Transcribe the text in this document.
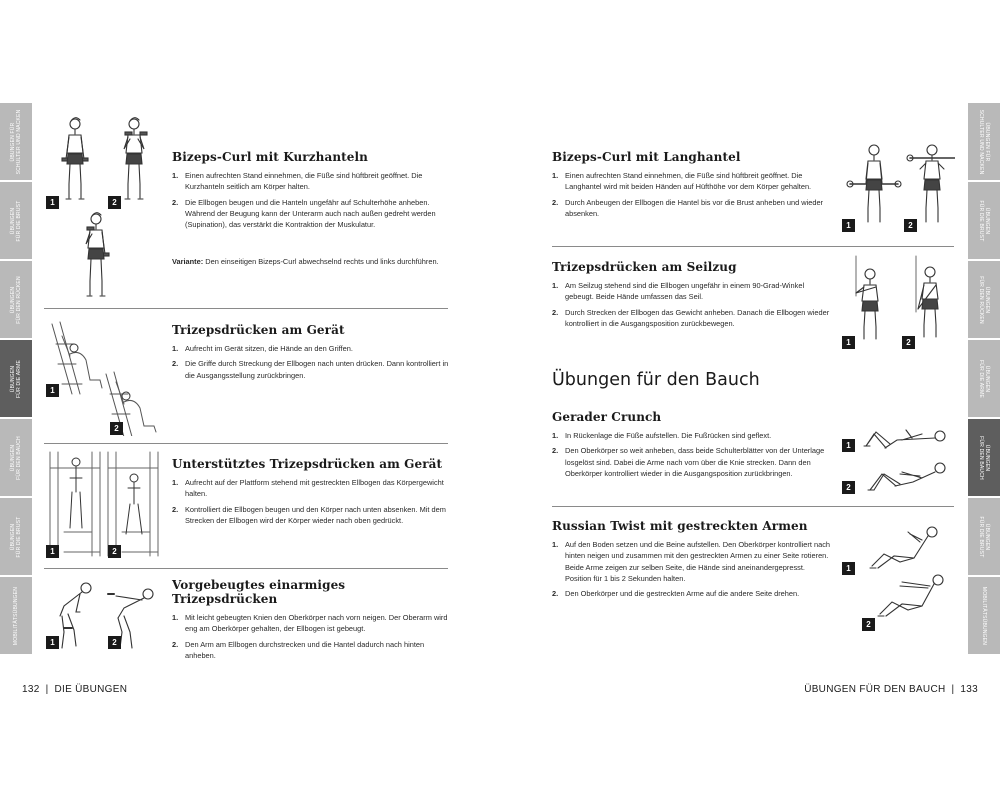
ÜBUNGEN FÜR
SCHULTER UND NACKEN
ÜBUNGEN
FÜR DIE BRUST
ÜBUNGEN
FÜR DEN RÜCKEN
ÜBUNGEN
FÜR DIE ARME
ÜBUNGEN
FÜR DEN BAUCH
ÜBUNGEN
FÜR DIE BRUST
MOBILITÄTSÜBUNGEN
ÜBUNGEN FÜR
SCHULTER UND NACKEN
ÜBUNGEN
FÜR DIE BRUST
ÜBUNGEN
FÜR DEN RÜCKEN
ÜBUNGEN
FÜR DIE ARME
ÜBUNGEN
FÜR DEN BAUCH
ÜBUNGEN
FÜR DIE BRUST
MOBILITÄTSÜBUNGEN
1	2
Bizeps-Curl mit Kurzhanteln
1. Einen aufrechten Stand einnehmen, die Füße sind hüftbreit geöffnet. Die Kurzhanteln seitlich am Körper halten.
2. Die Ellbogen beugen und die Hanteln ungefähr auf Schulterhöhe anheben. Während der Beugung kann der Unterarm auch nach außen gedreht werden (Supination), das verstärkt die Kontraktion der Muskulatur.
Variante: Den einseitigen Bizeps-Curl abwechselnd rechts und links durchführen.
1
2
Trizepsdrücken am Gerät
1. Aufrecht im Gerät sitzen, die Hände an den Griffen.
2. Die Griffe durch Streckung der Ellbogen nach unten drücken. Dann kontrolliert in die Ausgangsstellung zurückbringen.
1	2
Unterstütztes Trizepsdrücken am Gerät
1. Aufrecht auf der Plattform stehend mit gestreckten Ellbogen das Körpergewicht halten.
2. Kontrolliert die Ellbogen beugen und den Körper nach unten absenken. Mit dem Strecken der Ellbogen wird der Körper wieder nach oben gedrückt.
1	2
Vorgebeugtes einarmiges Trizepsdrücken
1. Mit leicht gebeugten Knien den Oberkörper nach vorn neigen. Der Oberarm wird eng am Oberkörper gehalten, der Ellbogen ist gebeugt.
2. Den Arm am Ellbogen durchstrecken und die Hantel dadurch nach hinten anheben.
132 | DIE ÜBUNGEN
Bizeps-Curl mit Langhantel
1. Einen aufrechten Stand einnehmen, die Füße sind hüftbreit geöffnet. Die Langhantel wird mit beiden Händen auf Hüfthöhe vor dem Körper gehalten.
2. Durch Anbeugen der Ellbogen die Hantel bis vor die Brust anheben und wieder absenken.
1	2
Trizepsdrücken am Seilzug
1. Am Seilzug stehend sind die Ellbogen ungefähr in einem 90-Grad-Winkel gebeugt. Beide Hände umfassen das Seil.
2. Durch Strecken der Ellbogen das Gewicht anheben. Danach die Ellbogen wieder kontrolliert in die Ausgangsposition zurückbewegen.
1	2
Übungen für den Bauch
Gerader Crunch
1. In Rückenlage die Füße aufstellen. Die Fußrücken sind geflext.
2. Den Oberkörper so weit anheben, dass beide Schulterblätter von der Unterlage losgelöst sind. Dabei die Arme nach vorn über die Knie strecken. Dann den Oberkörper kontrolliert wieder in die Ausgangsposition zurückbringen.
1
2
Russian Twist mit gestreckten Armen
1. Auf den Boden setzen und die Beine aufstellen. Den Oberkörper kontrolliert nach hinten neigen und zusammen mit den gestreckten Armen zu einer Seite rotieren. Beide Arme zeigen zur selben Seite, die Hände sind aneinandergepresst. Position für 1 bis 2 Sekunden halten.
2. Den Oberkörper und die gestreckten Arme auf die andere Seite drehen.
1
2
ÜBUNGEN FÜR DEN BAUCH | 133
